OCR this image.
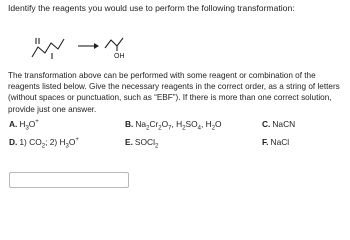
Identify the reagents you would use to perform the following transformation:
OH
The transformation above can be performed with some reagent or combination of the reagents listed below. Give the necessary reagents in the correct order, as a string of letters (without spaces or punctuation, such as “EBF”). If there is more than one correct solution, provide just one answer.
A. $H_3O^+$	B. $Na_2Cr_2O_7$, $H_2SO_4$, $H_2O$	C. NaCN
D. 1) $CO_2$; 2) $H_3O^+$	E. SOCl$_2$	F. NaCl
